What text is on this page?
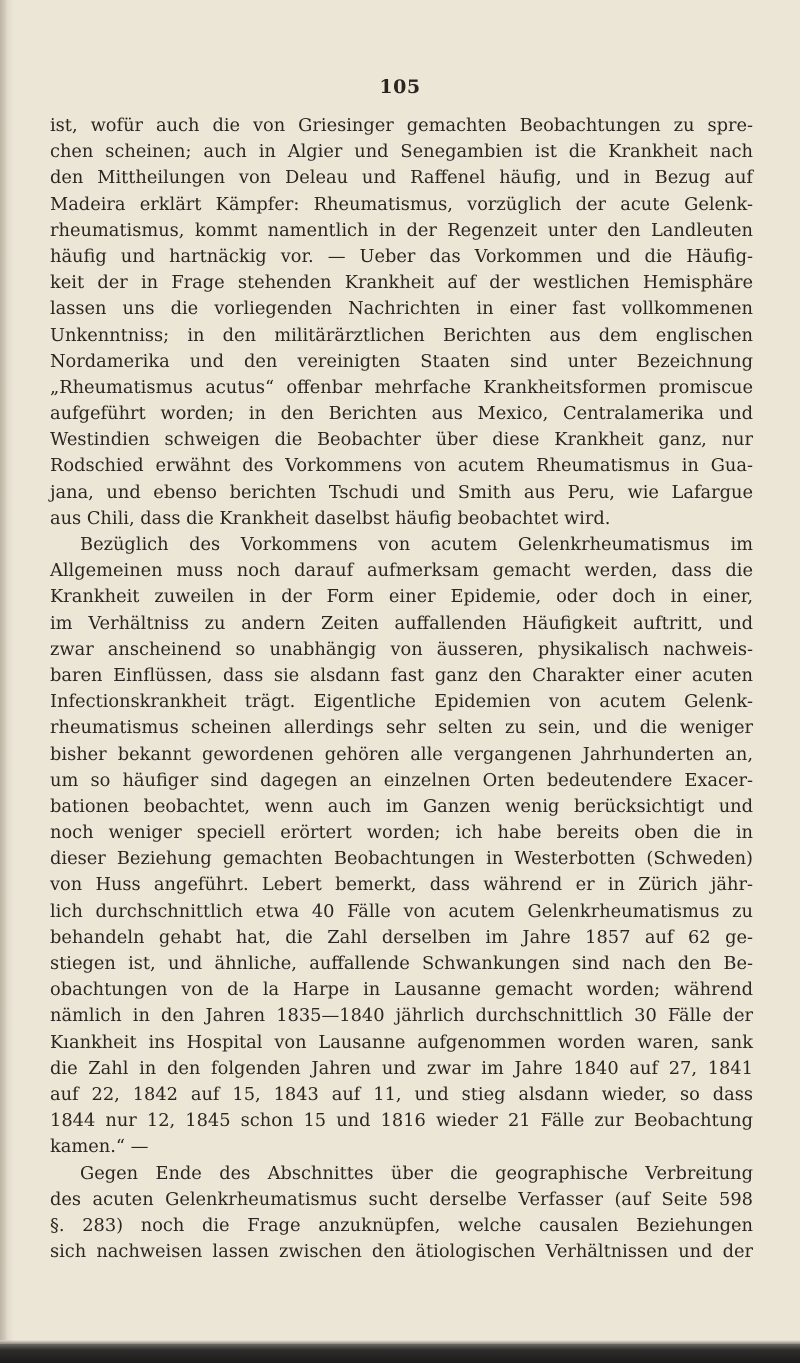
105
ist, wofür auch die von Griesinger gemachten Beobachtungen zu spre-
chen scheinen; auch in Algier und Senegambien ist die Krankheit nach
den Mittheilungen von Deleau und Raffenel häufig, und in Bezug auf
Madeira erklärt Kämpfer: Rheumatismus, vorzüglich der acute Gelenk-
rheumatismus, kommt namentlich in der Regenzeit unter den Landleuten
häufig und hartnäckig vor. — Ueber das Vorkommen und die Häufig-
keit der in Frage stehenden Krankheit auf der westlichen Hemisphäre
lassen uns die vorliegenden Nachrichten in einer fast vollkommenen
Unkenntniss; in den militärärztlichen Berichten aus dem englischen
Nordamerika und den vereinigten Staaten sind unter Bezeichnung
„Rheumatismus acutus“ offenbar mehrfache Krankheitsformen promiscue
aufgeführt worden; in den Berichten aus Mexico, Centralamerika und
Westindien schweigen die Beobachter über diese Krankheit ganz, nur
Rodschied erwähnt des Vorkommens von acutem Rheumatismus in Gua-
jana, und ebenso berichten Tschudi und Smith aus Peru, wie Lafargue
aus Chili, dass die Krankheit daselbst häufig beobachtet wird.
Bezüglich des Vorkommens von acutem Gelenkrheumatismus im
Allgemeinen muss noch darauf aufmerksam gemacht werden, dass die
Krankheit zuweilen in der Form einer Epidemie, oder doch in einer,
im Verhältniss zu andern Zeiten auffallenden Häufigkeit auftritt, und
zwar anscheinend so unabhängig von äusseren, physikalisch nachweis-
baren Einflüssen, dass sie alsdann fast ganz den Charakter einer acuten
Infectionskrankheit trägt. Eigentliche Epidemien von acutem Gelenk-
rheumatismus scheinen allerdings sehr selten zu sein, und die weniger
bisher bekannt gewordenen gehören alle vergangenen Jahrhunderten an,
um so häufiger sind dagegen an einzelnen Orten bedeutendere Exacer-
bationen beobachtet, wenn auch im Ganzen wenig berücksichtigt und
noch weniger speciell erörtert worden; ich habe bereits oben die in
dieser Beziehung gemachten Beobachtungen in Westerbotten (Schweden)
von Huss angeführt. Lebert bemerkt, dass während er in Zürich jähr-
lich durchschnittlich etwa 40 Fälle von acutem Gelenkrheumatismus zu
behandeln gehabt hat, die Zahl derselben im Jahre 1857 auf 62 ge-
stiegen ist, und ähnliche, auffallende Schwankungen sind nach den Be-
obachtungen von de la Harpe in Lausanne gemacht worden; während
nämlich in den Jahren 1835—1840 jährlich durchschnittlich 30 Fälle der
Kıankheit ins Hospital von Lausanne aufgenommen worden waren, sank
die Zahl in den folgenden Jahren und zwar im Jahre 1840 auf 27, 1841
auf 22, 1842 auf 15, 1843 auf 11, und stieg alsdann wieder, so dass
1844 nur 12, 1845 schon 15 und 1816 wieder 21 Fälle zur Beobachtung
kamen.“ —
Gegen Ende des Abschnittes über die geographische Verbreitung
des acuten Gelenkrheumatismus sucht derselbe Verfasser (auf Seite 598
§. 283) noch die Frage anzuknüpfen, welche causalen Beziehungen
sich nachweisen lassen zwischen den ätiologischen Verhältnissen und der
